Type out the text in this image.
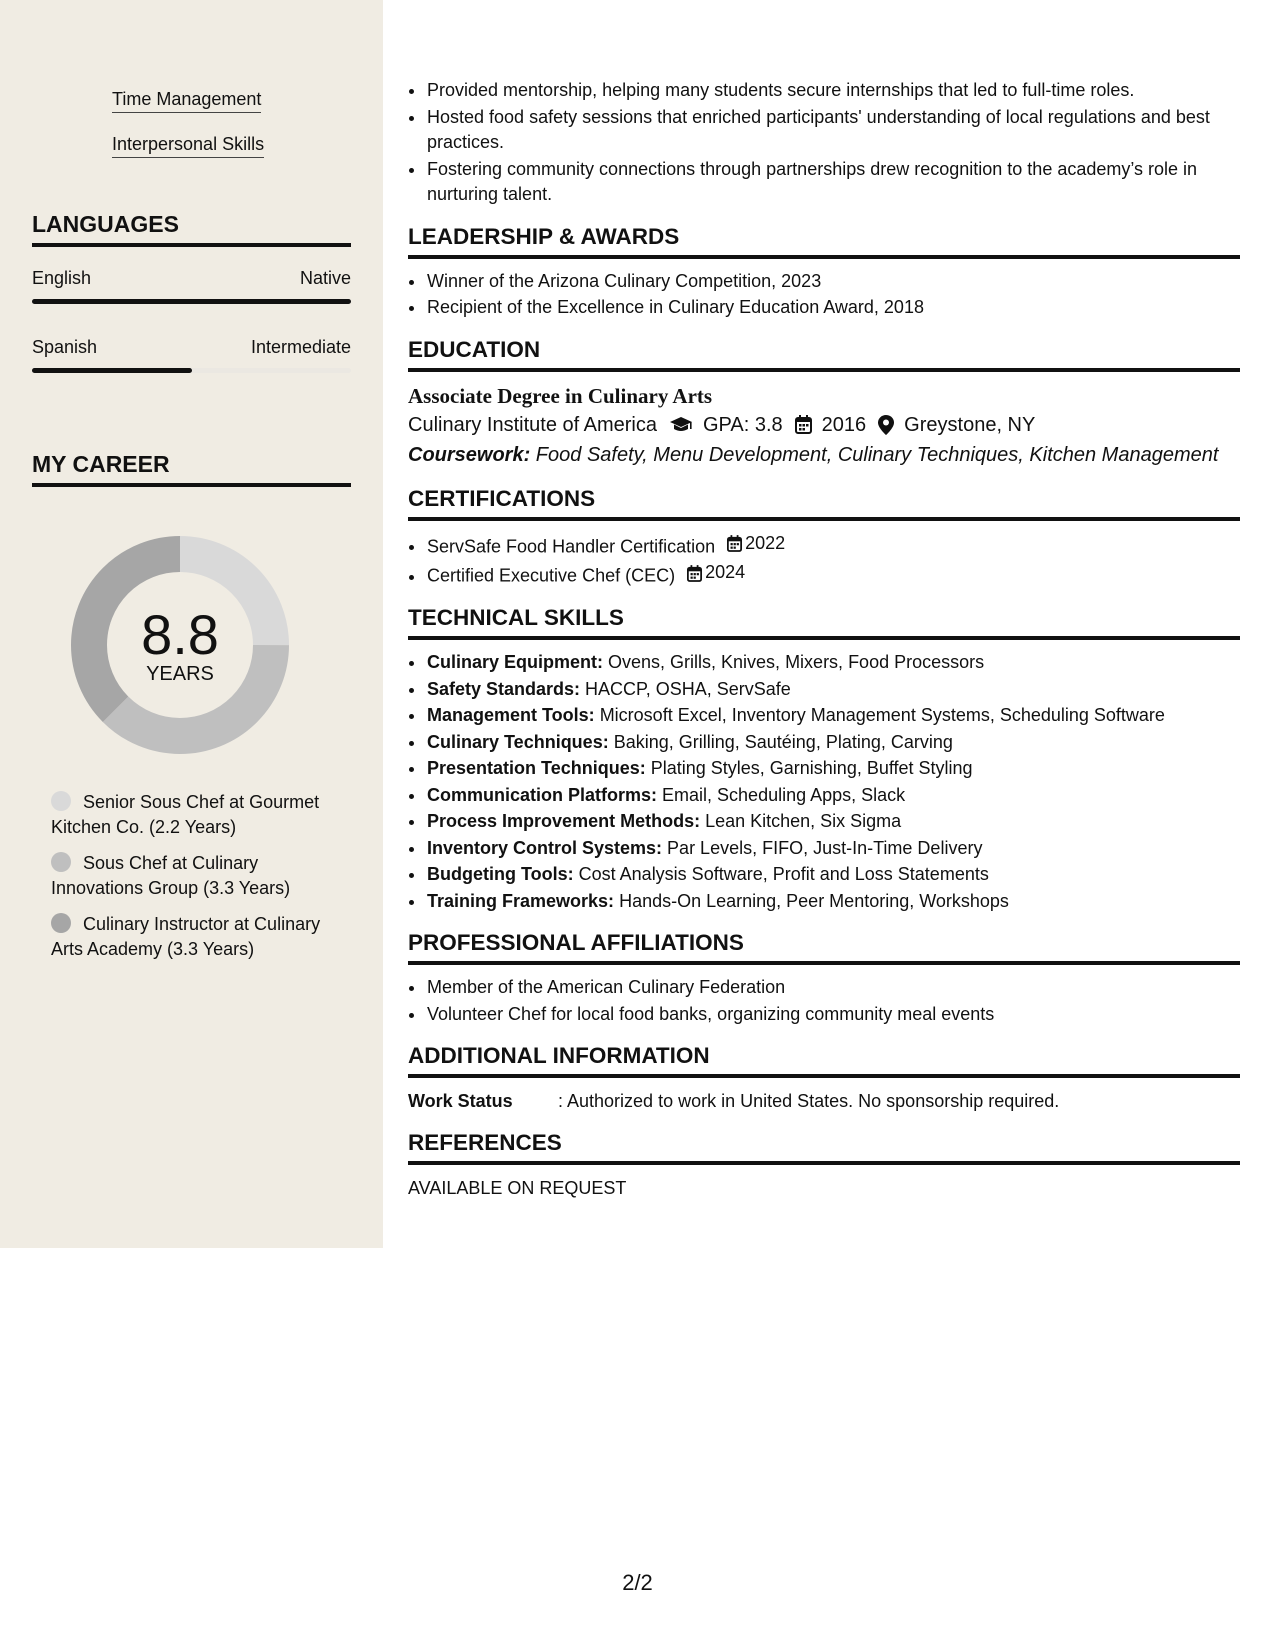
Time Management
Interpersonal Skills
LANGUAGES
English	Native
Spanish	Intermediate
MY CAREER
8.8
YEARS
Senior Sous Chef at Gourmet Kitchen Co. (2.2 Years)
Sous Chef at Culinary Innovations Group (3.3 Years)
Culinary Instructor at Culinary Arts Academy (3.3 Years)
• Provided mentorship, helping many students secure internships that led to full-time roles.
• Hosted food safety sessions that enriched participants' understanding of local regulations and best practices.
• Fostering community connections through partnerships drew recognition to the academy’s role in nurturing talent.
LEADERSHIP & AWARDS
• Winner of the Arizona Culinary Competition, 2023
• Recipient of the Excellence in Culinary Education Award, 2018
EDUCATION
Associate Degree in Culinary Arts
Culinary Institute of America GPA: 3.8 2016 Greystone, NY
Coursework: Food Safety, Menu Development, Culinary Techniques, Kitchen Management
CERTIFICATIONS
• ServSafe Food Handler Certification 2022
• Certified Executive Chef (CEC) 2024
TECHNICAL SKILLS
• Culinary Equipment: Ovens, Grills, Knives, Mixers, Food Processors
• Safety Standards: HACCP, OSHA, ServSafe
• Management Tools: Microsoft Excel, Inventory Management Systems, Scheduling Software
• Culinary Techniques: Baking, Grilling, Sautéing, Plating, Carving
• Presentation Techniques: Plating Styles, Garnishing, Buffet Styling
• Communication Platforms: Email, Scheduling Apps, Slack
• Process Improvement Methods: Lean Kitchen, Six Sigma
• Inventory Control Systems: Par Levels, FIFO, Just-In-Time Delivery
• Budgeting Tools: Cost Analysis Software, Profit and Loss Statements
• Training Frameworks: Hands-On Learning, Peer Mentoring, Workshops
PROFESSIONAL AFFILIATIONS
• Member of the American Culinary Federation
• Volunteer Chef for local food banks, organizing community meal events
ADDITIONAL INFORMATION
Work Status	: Authorized to work in United States. No sponsorship required.
REFERENCES
AVAILABLE ON REQUEST
2/2
